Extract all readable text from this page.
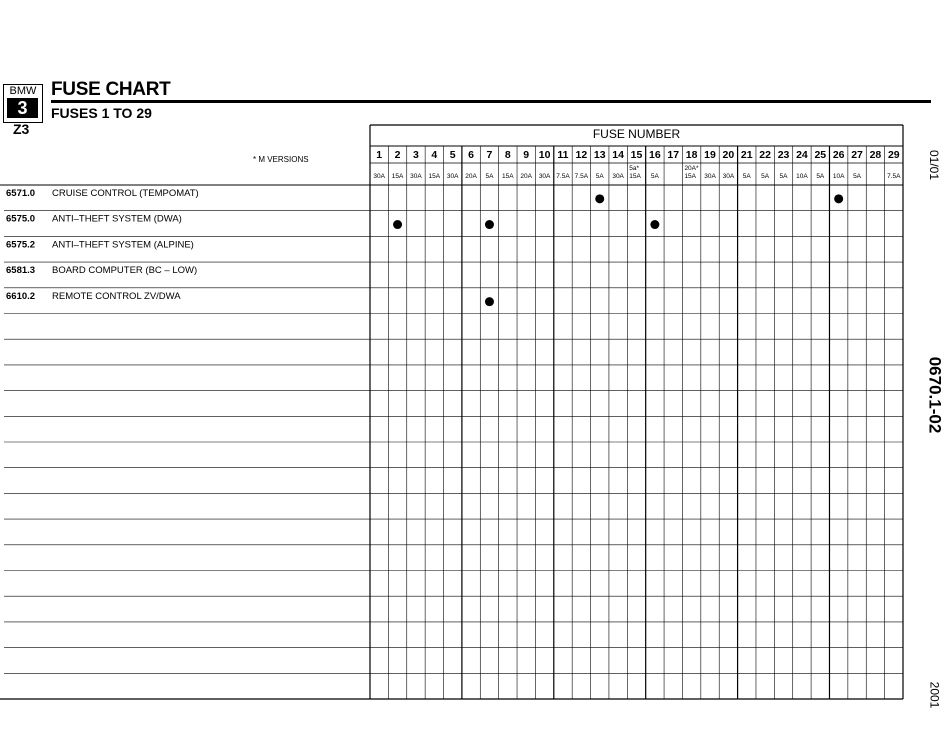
BMW
3
Z3
FUSE CHART
FUSES 1 TO 29
* M VERSIONS
FUSE NUMBER
1
30A
2
15A
3
30A
4
15A
5
30A
6
20A
7
5A
8
15A
9
20A
10
30A
11
7.5A
12
7.5A
13
5A
14
30A
15
5a*
15A
16
5A
17 18
20A*
15A
19
30A
20
30A
21
5A
22
5A
23
5A
24
10A
25
5A
26
10A
27
5A
28 29
7.5A
6571.0 CRUISE CONTROL (TEMPOMAT)
6575.0 ANTI–THEFT SYSTEM (DWA)
6575.2 ANTI–THEFT SYSTEM (ALPINE)
6581.3 BOARD COMPUTER (BC – LOW)
6610.2 REMOTE CONTROL ZV/DWA
01/01
0670.1-02
2001
